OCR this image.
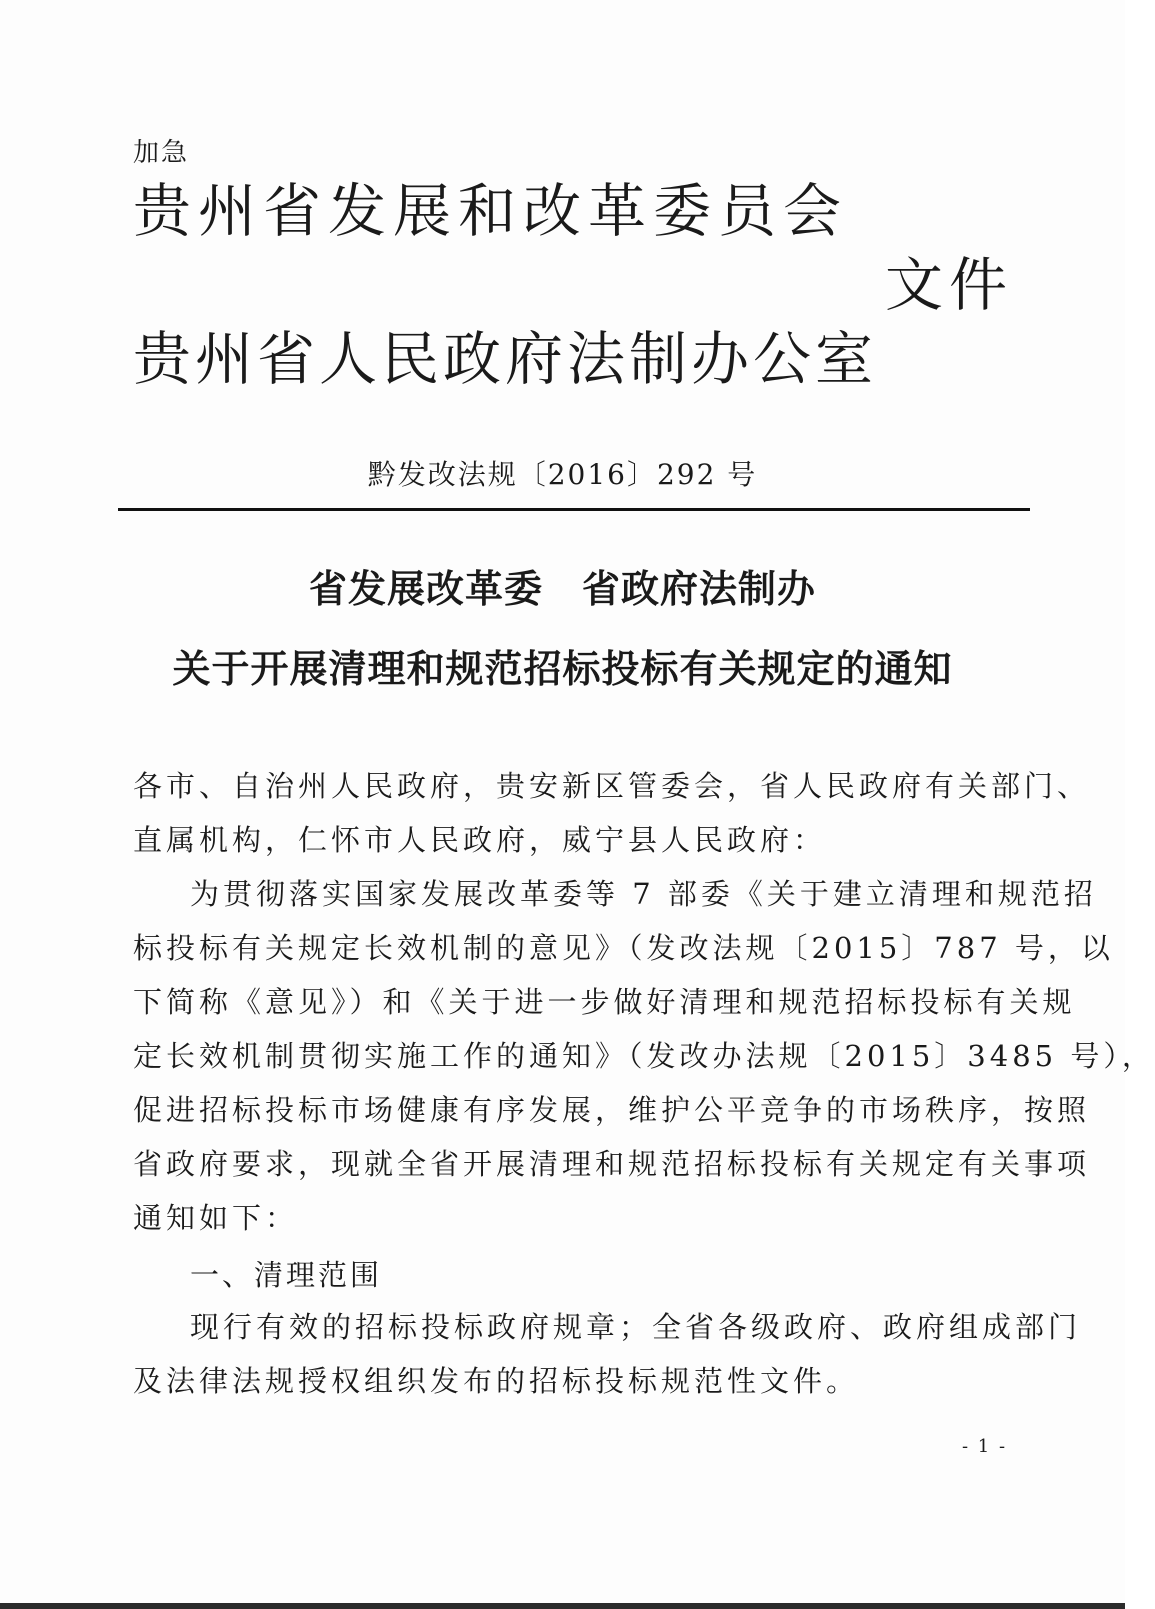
加急
贵州省发展和改革委员会
文件
贵州省人民政府法制办公室
黔发改法规〔2016〕292 号
省发展改革委　省政府法制办
关于开展清理和规范招标投标有关规定的通知
各市、自治州人民政府，贵安新区管委会，省人民政府有关部门、
直属机构，仁怀市人民政府，威宁县人民政府：
为贯彻落实国家发展改革委等 7 部委《关于建立清理和规范招
标投标有关规定长效机制的意见》（发改法规〔2015〕787 号，以
下简称《意见》）和《关于进一步做好清理和规范招标投标有关规
定长效机制贯彻实施工作的通知》（发改办法规〔2015〕3485 号），
促进招标投标市场健康有序发展，维护公平竞争的市场秩序，按照
省政府要求，现就全省开展清理和规范招标投标有关规定有关事项
通知如下：
一、清理范围
现行有效的招标投标政府规章；全省各级政府、政府组成部门
及法律法规授权组织发布的招标投标规范性文件。
- 1 -
